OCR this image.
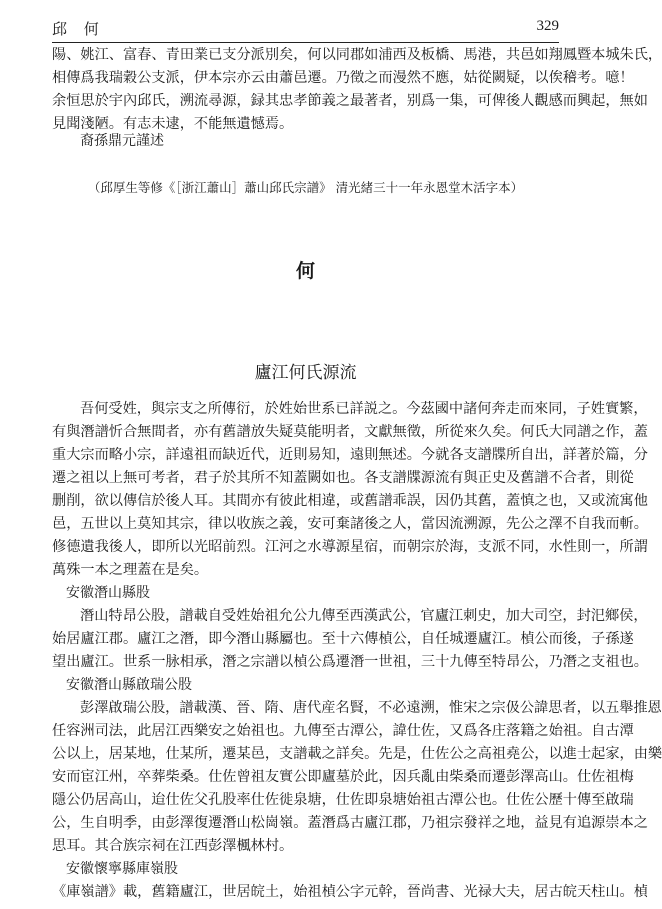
邱 何	329
陽、姚江、富春、青田業已支分派別矣，何以同郡如浦西及板橋、馬港，共邑如翔鳳暨本城朱氏，
相傳爲我瑞穀公支派，伊本宗亦云由蕭邑遷。乃徵之而漫然不應，姑從闕疑，以俟稽考。噫！
余恒思於宇內邱氏，溯流尋源，録其忠孝節義之最著者，别爲一集，可俾後人觀感而興起，無如
見聞淺陋。有志未逮，不能無遺憾焉。
裔孫鼎元謹述
（邱厚生等修《［浙江蕭山］蕭山邱氏宗譜》 清光緒三十一年永恩堂木活字本）
何
廬江何氏源流
吾何受姓，與宗支之所傳衍，於姓始世系已詳説之。今茲國中諸何奔走而來同，子姓實繁，
有與潛譜忻合無間者，亦有舊譜放失疑莫能明者，文獻無徵，所從來久矣。何氏大同譜之作，蓋
重大宗而略小宗，詳遠祖而缺近代，近則易知，遠則無述。今就各支譜牒所自出，詳著於篇，分
遷之祖以上無可考者，君子於其所不知蓋闕如也。各支譜牒源流有與正史及舊譜不合者，則從
删削，欲以傳信於後人耳。其間亦有彼此相違，或舊譜乖誤，因仍其舊，蓋慎之也，又或流寓他
邑，五世以上莫知其宗，律以收族之義，安可棄諸後之人，當因流溯源，先公之澤不自我而斬。
修德遺我後人，即所以光昭前烈。江河之水導源星宿，而朝宗於海，支派不同，水性則一，所謂
萬殊一本之理蓋在是矣。
安徽潛山縣股
潛山特昂公股，譜載自受姓始祖允公九傳至西漢武公，官廬江刺史，加大司空，封汜鄉侯，
始居廬江郡。廬江之潛，即今潛山縣屬也。至十六傳楨公，自任城遷廬江。楨公而後，子孫遂
望出廬江。世系一脉相承，潛之宗譜以楨公爲遷潛一世祖，三十九傳至特昂公，乃潛之支祖也。
安徽潛山縣啟瑞公股
彭澤啟瑞公股，譜載漢、晉、隋、唐代産名賢，不必遠溯，惟宋之宗伋公諱思者，以五舉推恩
任容洲司法，此居江西樂安之始祖也。九傳至古潭公，諱仕佐，又爲各庄落籍之始祖。自古潭
公以上，居某地，仕某所，遷某邑，支譜載之詳矣。先是，仕佐公之高祖堯公，以進士起家，由樂
安而宦江州，卒葬柴桑。仕佐曾祖友實公即廬墓於此，因兵亂由柴桑而遷彭澤高山。仕佐祖梅
隱公仍居高山，迨仕佐父孔股率仕佐徙泉塘，仕佐即泉塘始祖古潭公也。仕佐公歷十傳至啟瑞
公，生自明季，由彭澤復遷潛山松崗嶺。蓋潛爲古廬江郡，乃祖宗發祥之地，益見有追源崇本之
思耳。其合族宗祠在江西彭澤楓林村。
安徽懷寧縣庫嶺股
《庫嶺譜》載，舊籍廬江，世居皖土，始祖楨公字元幹，晉尚書、光禄大夫，居古皖天柱山。楨
